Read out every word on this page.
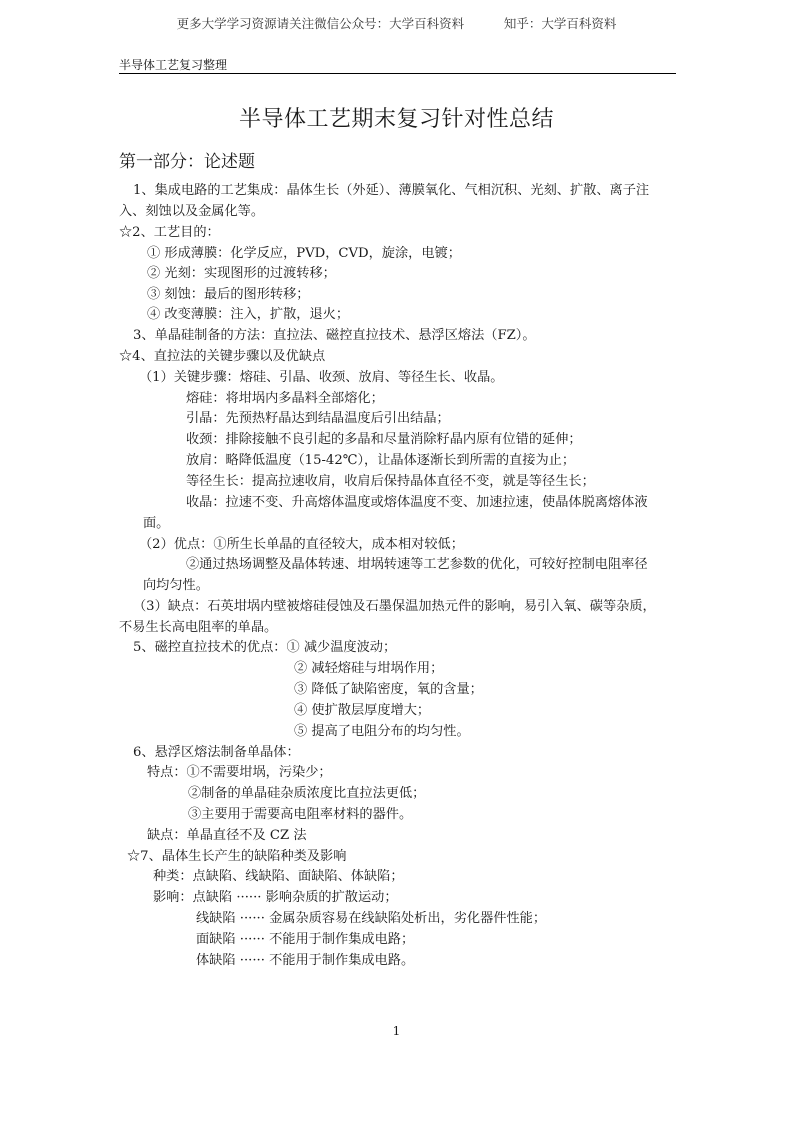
更多大学学习资源请关注微信公众号：大学百科资料          知乎：大学百科资料
半导体工艺复习整理
半导体工艺期末复习针对性总结
第一部分：论述题
1、集成电路的工艺集成：晶体生长（外延）、薄膜氧化、气相沉积、光刻、扩散、离子注
入、刻蚀以及金属化等。
☆2、工艺目的：
① 形成薄膜：化学反应，PVD，CVD，旋涂，电镀；
② 光刻：实现图形的过渡转移；
③ 刻蚀：最后的图形转移；
④ 改变薄膜：注入，扩散，退火；
3、单晶硅制备的方法：直拉法、磁控直拉技术、悬浮区熔法（FZ）。
☆4、直拉法的关键步骤以及优缺点
（1）关键步骤：熔硅、引晶、收颈、放肩、等径生长、收晶。
熔硅：将坩埚内多晶料全部熔化；
引晶：先预热籽晶达到结晶温度后引出结晶；
收颈：排除接触不良引起的多晶和尽量消除籽晶内原有位错的延伸；
放肩：略降低温度（15-42℃），让晶体逐渐长到所需的直接为止；
等径生长：提高拉速收肩，收肩后保持晶体直径不变，就是等径生长；
收晶：拉速不变、升高熔体温度或熔体温度不变、加速拉速，使晶体脱离熔体液
面。
（2）优点：①所生长单晶的直径较大，成本相对较低；
②通过热场调整及晶体转速、坩埚转速等工艺参数的优化，可较好控制电阻率径
向均匀性。
（3）缺点：石英坩埚内壁被熔硅侵蚀及石墨保温加热元件的影响，易引入氧、碳等杂质，
不易生长高电阻率的单晶。
5、磁控直拉技术的优点：① 减少温度波动；
② 减轻熔硅与坩埚作用；
③ 降低了缺陷密度，氧的含量；
④ 使扩散层厚度增大；
⑤ 提高了电阻分布的均匀性。
6、悬浮区熔法制备单晶体：
特点：①不需要坩埚，污染少；
②制备的单晶硅杂质浓度比直拉法更低；
③主要用于需要高电阻率材料的器件。
缺点：单晶直径不及 CZ 法
☆7、晶体生长产生的缺陷种类及影响
种类：点缺陷、线缺陷、面缺陷、体缺陷；
影响：点缺陷 ······ 影响杂质的扩散运动；
线缺陷 ······ 金属杂质容易在线缺陷处析出，劣化器件性能；
面缺陷 ······ 不能用于制作集成电路；
体缺陷 ······ 不能用于制作集成电路。
1
